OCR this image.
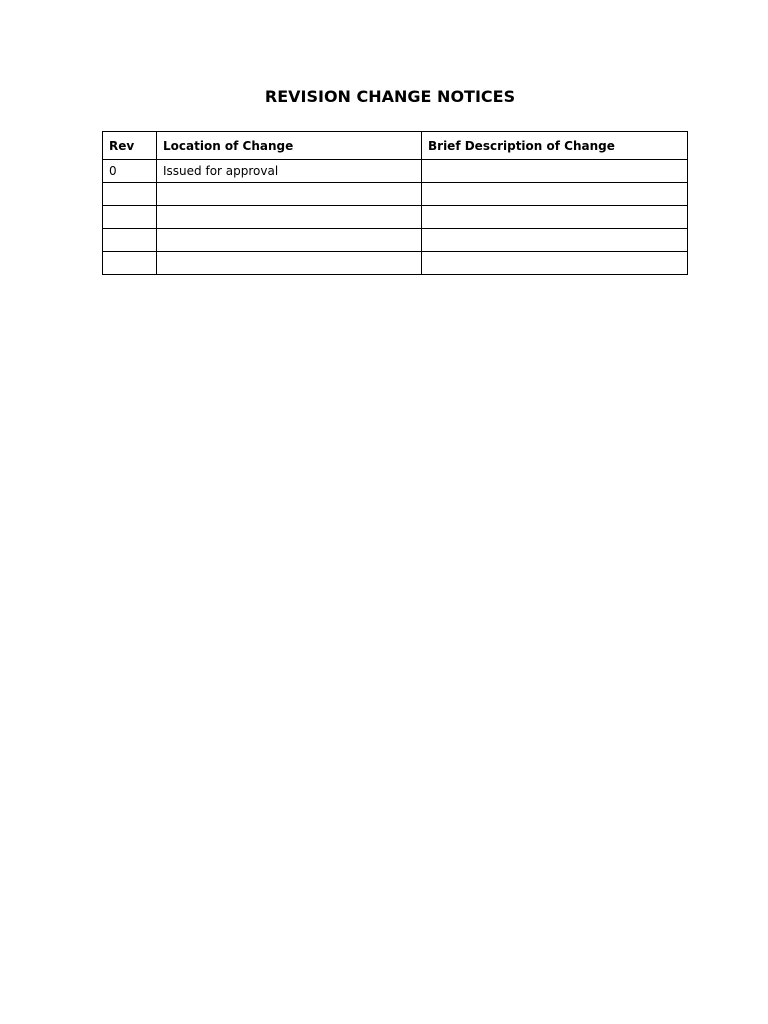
REVISION CHANGE NOTICES
Rev	Location of Change	Brief Description of Change
0	Issued for approval	
